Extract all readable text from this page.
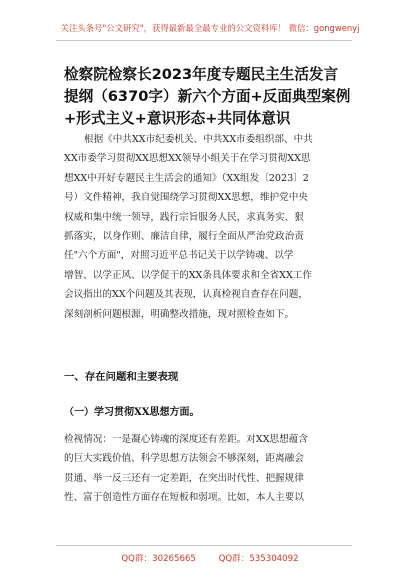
关注头条号"公文研究"，获得最新最全最专业的公文资料库！ 微信：gongwenyj
检察院检察长2023年度专题民主生活发言
提纲（6370字）新六个方面+反面典型案例
+形式主义+意识形态+共同体意识
根据《中共XX市纪委机关、中共XX市委组织部、中共
XX市委学习贯彻XX思想XX领导小组关于在学习贯彻XX思
想XX中开好专题民主生活会的通知》（XX组发〔2023〕2
号）文件精神，我自觉围绕学习贯彻XX思想，维护党中央
权威和集中统一领导，践行宗旨服务人民，求真务实、狠
抓落实，以身作则、廉洁自律，履行全面从严治党政治责
任"六个方面"，对照习近平总书记关于以学铸魂、以学
增智、以学正风、以学促干的XX条具体要求和全省XX工作
会议指出的XX个问题及其表现，认真检视自查存在问题，
深刻剖析问题根源，明确整改措施，现对照检查如下。
一、存在问题和主要表现
（一）学习贯彻XX思想方面。
检视情况：一是凝心铸魂的深度还有差距。对XX思想蕴含
的巨大实践价值、科学思想方法领会不够深刻，距离融会
贯通、举一反三还有一定差距，在突出时代性、把握规律
性、富于创造性方面存在短板和弱项。比如，本人主要以
QQ群：30265665	QQ群：535304092
